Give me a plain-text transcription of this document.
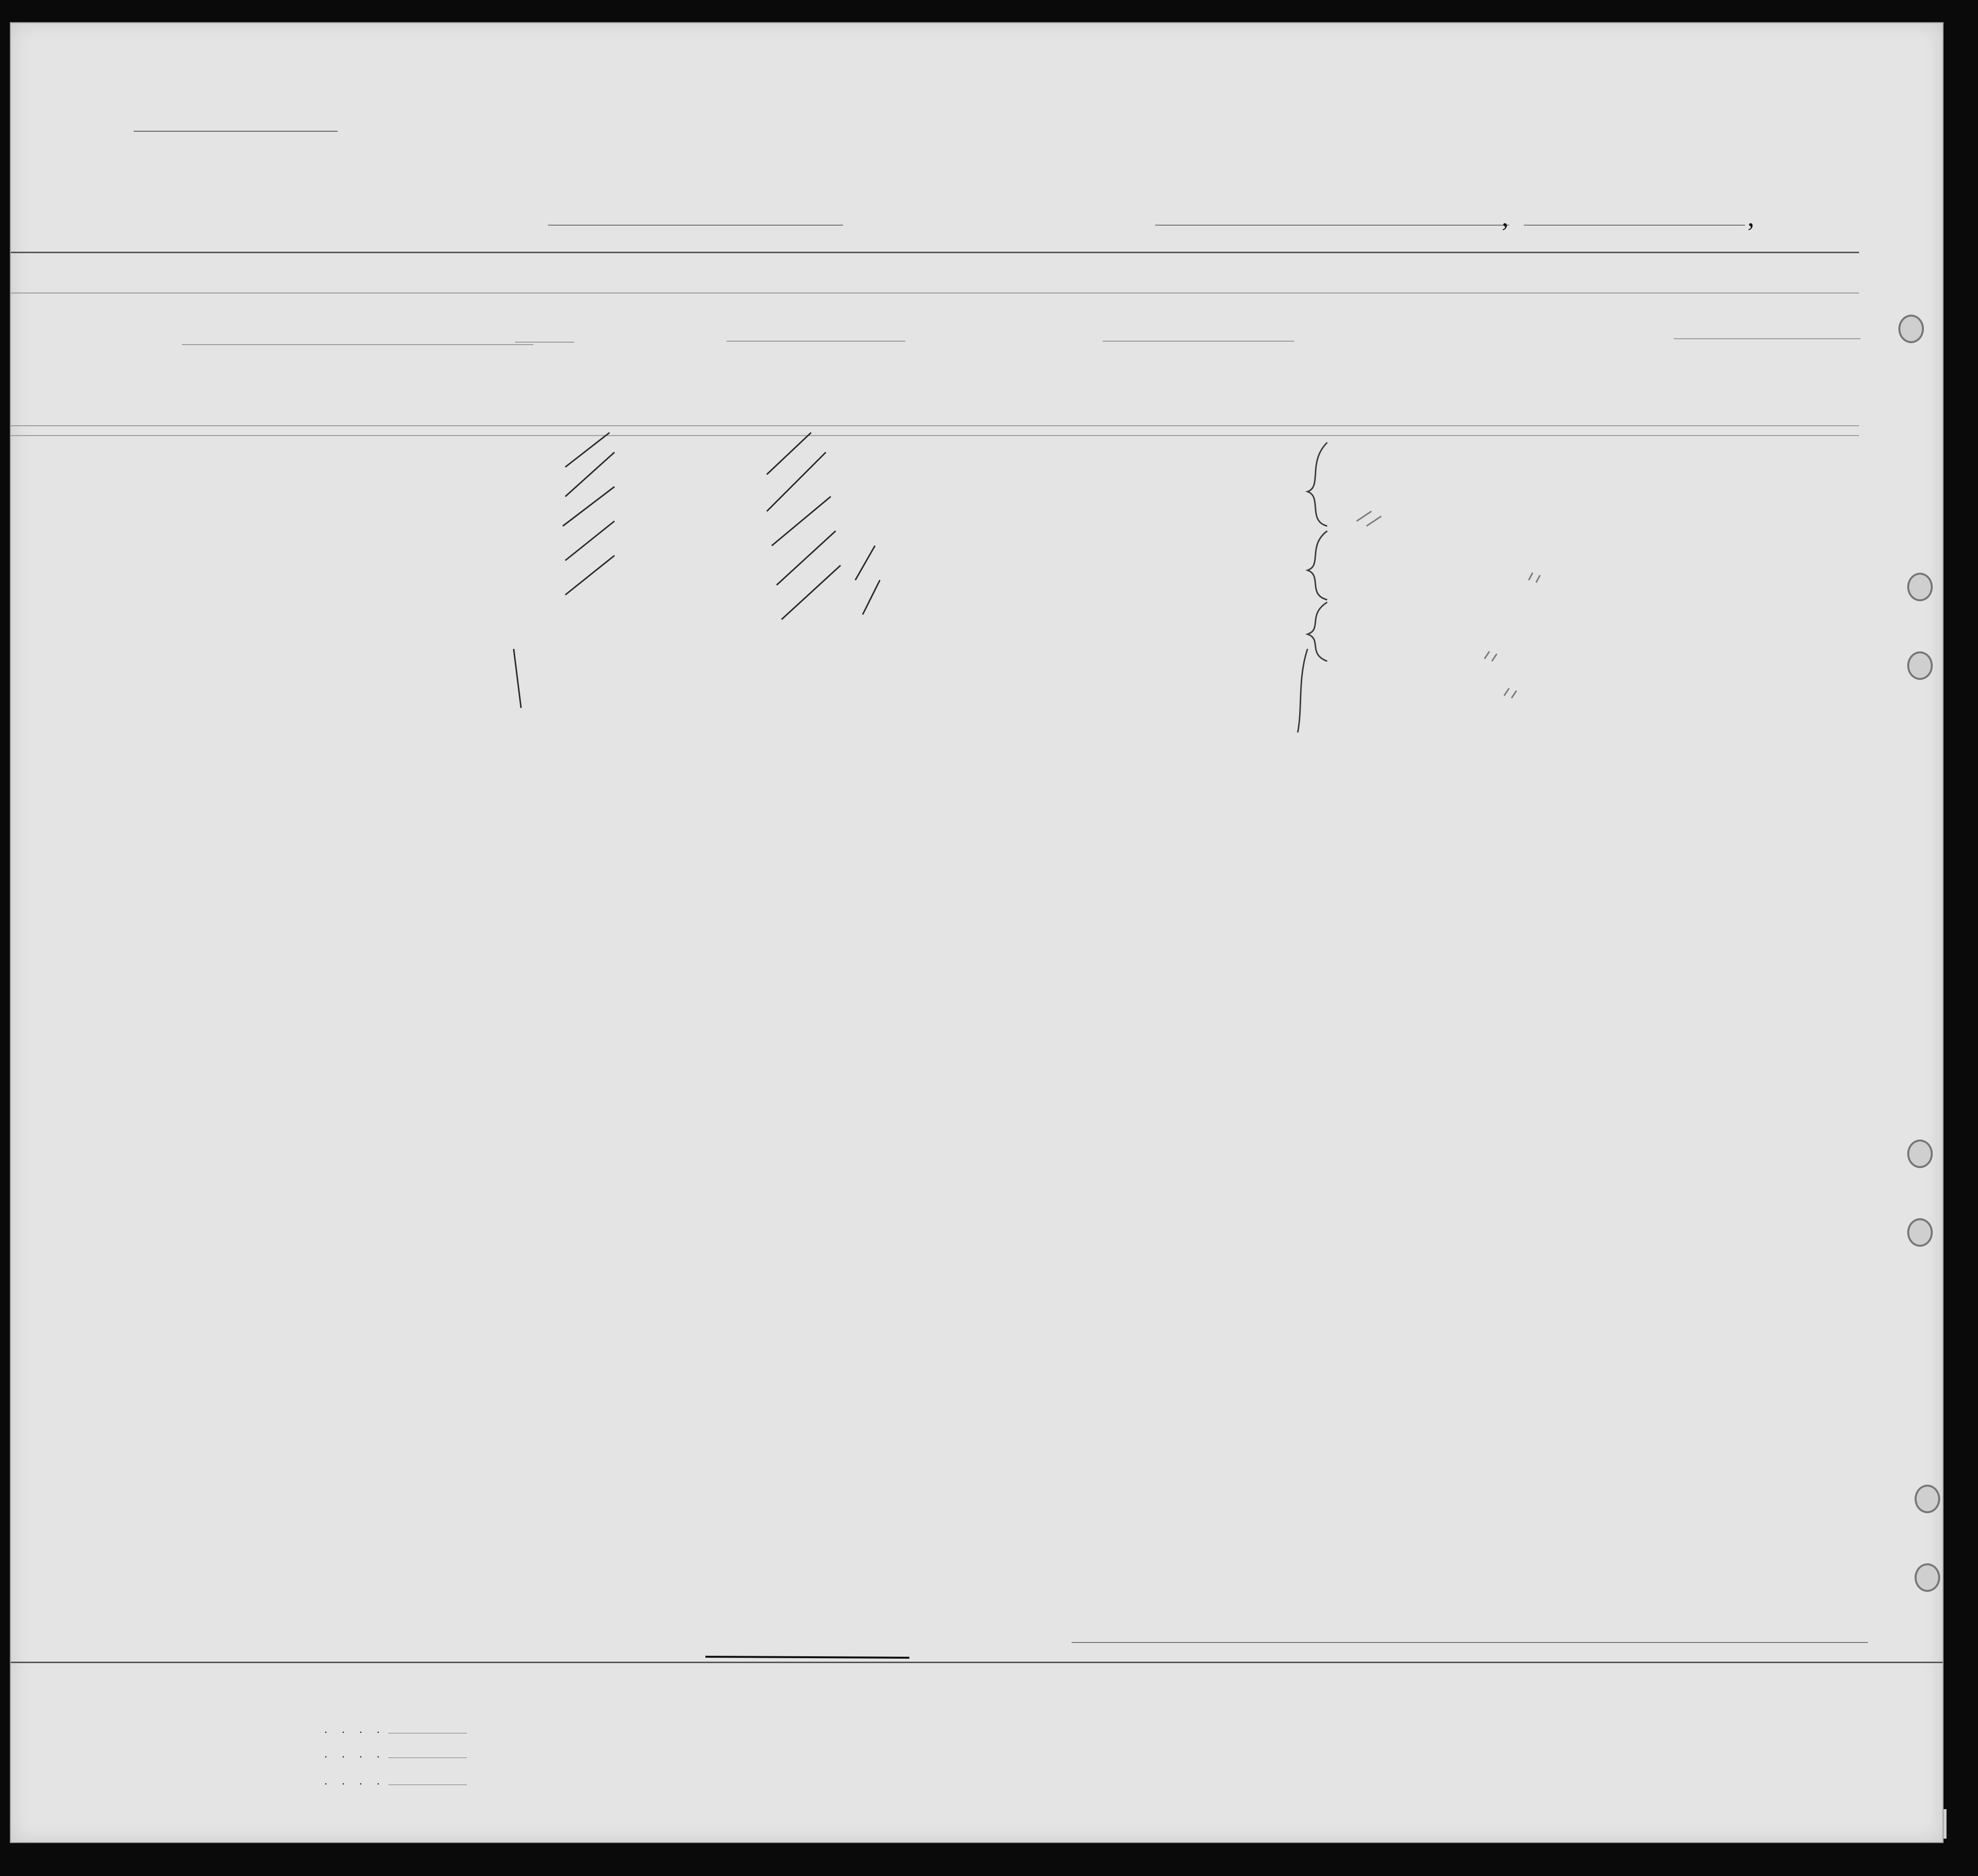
,	,
. . . .
. . . .
. . . .
